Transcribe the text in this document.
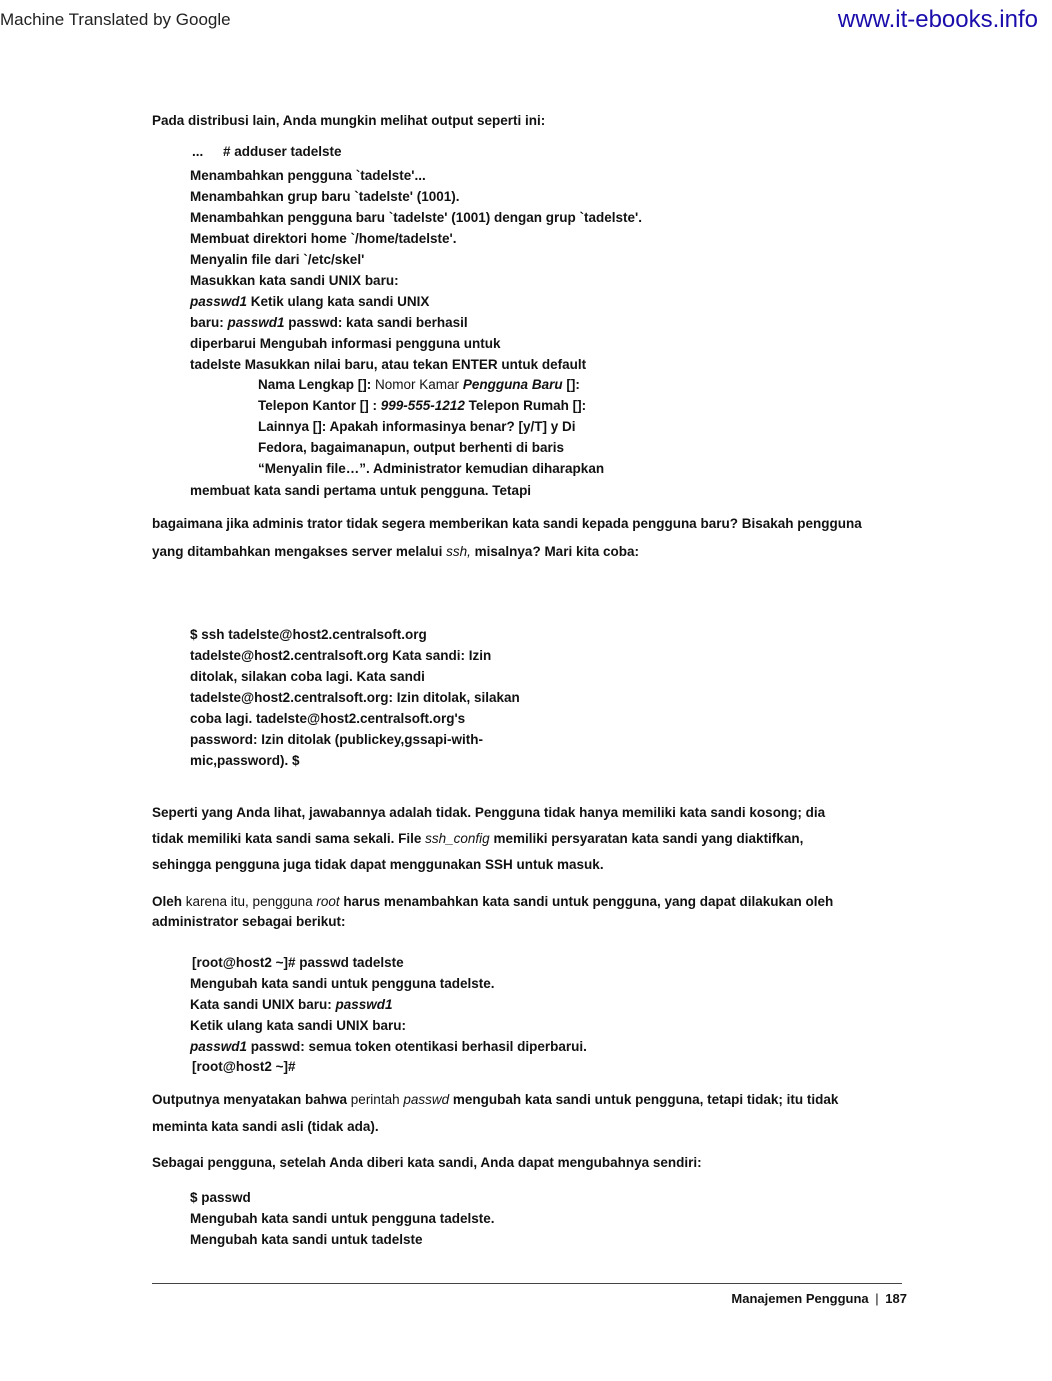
Machine Translated by Google	www.it-ebooks.info
Pada distribusi lain, Anda mungkin melihat output seperti ini:
... # adduser tadelste
Menambahkan pengguna `tadelste'...
Menambahkan grup baru `tadelste' (1001).
Menambahkan pengguna baru `tadelste' (1001) dengan grup `tadelste'.
Membuat direktori home `/home/tadelste'.
Menyalin file dari `/etc/skel'
Masukkan kata sandi UNIX baru:
passwd1 Ketik ulang kata sandi UNIX
baru: passwd1 passwd: kata sandi berhasil
diperbarui Mengubah informasi pengguna untuk
tadelste Masukkan nilai baru, atau tekan ENTER untuk default
Nama Lengkap []: Nomor Kamar Pengguna Baru []:
Telepon Kantor [] : 999-555-1212 Telepon Rumah []:
Lainnya []: Apakah informasinya benar? [y/T] y Di
Fedora, bagaimanapun, output berhenti di baris
“Menyalin file…”. Administrator kemudian diharapkan
membuat kata sandi pertama untuk pengguna. Tetapi
bagaimana jika adminis trator tidak segera memberikan kata sandi kepada pengguna baru? Bisakah pengguna
yang ditambahkan mengakses server melalui ssh, misalnya? Mari kita coba:
$ ssh tadelste@host2.centralsoft.org
tadelste@host2.centralsoft.org Kata sandi: Izin
ditolak, silakan coba lagi. Kata sandi
tadelste@host2.centralsoft.org: Izin ditolak, silakan
coba lagi. tadelste@host2.centralsoft.org's
password: Izin ditolak (publickey,gssapi-with-
mic,password). $
Seperti yang Anda lihat, jawabannya adalah tidak. Pengguna tidak hanya memiliki kata sandi kosong; dia
tidak memiliki kata sandi sama sekali. File ssh_config memiliki persyaratan kata sandi yang diaktifkan,
sehingga pengguna juga tidak dapat menggunakan SSH untuk masuk.
Oleh karena itu, pengguna root harus menambahkan kata sandi untuk pengguna, yang dapat dilakukan oleh
administrator sebagai berikut:
[root@host2 ~]# passwd tadelste
Mengubah kata sandi untuk pengguna tadelste.
Kata sandi UNIX baru: passwd1
Ketik ulang kata sandi UNIX baru:
passwd1 passwd: semua token otentikasi berhasil diperbarui.
[root@host2 ~]#
Outputnya menyatakan bahwa perintah passwd mengubah kata sandi untuk pengguna, tetapi tidak; itu tidak
meminta kata sandi asli (tidak ada).
Sebagai pengguna, setelah Anda diberi kata sandi, Anda dapat mengubahnya sendiri:
$ passwd
Mengubah kata sandi untuk pengguna tadelste.
Mengubah kata sandi untuk tadelste
Manajemen Pengguna | 187
